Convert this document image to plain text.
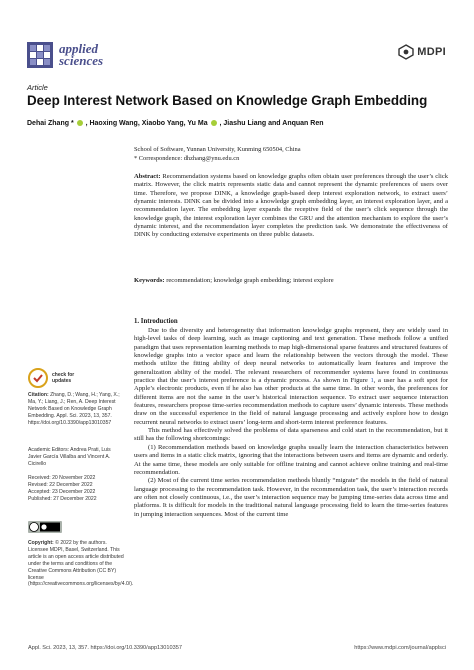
applied
sciences
MDPI
Article
Deep Interest Network Based on Knowledge Graph Embedding
Dehai Zhang * , Haoxing Wang, Xiaobo Yang, Yu Ma , Jiashu Liang and Anquan Ren
School of Software, Yunnan University, Kunming 650504, China
* Correspondence: dhzhang@ynu.edu.cn
Abstract: Recommendation systems based on knowledge graphs often obtain user preferences through the user’s click matrix. However, the click matrix represents static data and cannot represent the dynamic preferences of users over time. Therefore, we propose DINK, a knowledge graph-based deep interest exploration network, to extract users’ dynamic interests. DINK can be divided into a knowledge graph embedding layer, an interest exploration layer, and a recommendation layer. The embedding layer expands the receptive field of the user’s click sequence through the knowledge graph, the interest exploration layer combines the GRU and the attention mechanism to explore the user’s dynamic interest, and the recommendation layer completes the prediction task. We demonstrate the effectiveness of DINK by conducting extensive experiments on three public datasets.
Keywords: recommendation; knowledge graph embedding; interest explore
1. Introduction

Due to the diversity and heterogeneity that information knowledge graphs represent, they are widely used in high-level tasks of deep learning, such as image captioning and text generation. These methods follow a unified paradigm that uses representation learning methods to map high-dimensional sparse features and structured features of knowledge graphs into a vector space and learn the relationship between the vectors through the model. These methods utilize the fitting ability of deep neural networks to automatically learn features and improve the generalization ability of the model. The relevant researchers of recommender systems have found in continuous practice that the user’s interest preference is a dynamic process. As shown in Figure 1, a user has a soft spot for Apple’s electronic products, even if he also has other products at the same time. In other words, the preferences for different items are not the same in the user’s historical interaction sequence. To extract user sequence interaction features, researchers propose time-series recommendation methods to capture users’ dynamic interests. These methods draw on the successful experience in the field of natural language processing and actively explore how to design recurrent neural networks to extract users’ long-term and short-term interest preference features.

This method has effectively solved the problems of data sparseness and cold start in the recommendation, but it still has the following shortcomings:

(1) Recommendation methods based on knowledge graphs usually learn the interaction characteristics between users and items in a static click matrix, ignoring that the interactions between users and items are dynamic and orderly. At the same time, these models are only suitable for offline training and cannot achieve online training and real-time recommendation.

(2) Most of the current time series recommendation methods bluntly “migrate” the models in the field of natural language processing to the recommendation task. However, in the recommendation task, the user’s interaction records are often not closely continuous, i.e., the user’s interaction sequence may be jumping time-series data across time and platforms. It is difficult for models in the traditional natural language processing field to learn the time-series features in jumping interaction sequences. Most of the current time

check for
updates
Citation: Zhang, D.; Wang, H.; Yang, X.; Ma, Y.; Liang, J.; Ren, A. Deep Interest Network Based on Knowledge Graph Embedding. Appl. Sci. 2023, 13, 357. https://doi.org/10.3390/app13010357
Academic Editors: Andrea Prati, Luis Javier García Villalba and Vincent A. Cicirello
Received: 20 November 2022
Revised: 22 December 2022
Accepted: 23 December 2022
Published: 27 December 2022
Copyright: © 2022 by the authors. Licensee MDPI, Basel, Switzerland. This article is an open access article distributed under the terms and conditions of the Creative Commons Attribution (CC BY) license (https://creativecommons.org/licenses/by/4.0/).
Appl. Sci. 2023, 13, 357. https://doi.org/10.3390/app13010357	https://www.mdpi.com/journal/applsci
